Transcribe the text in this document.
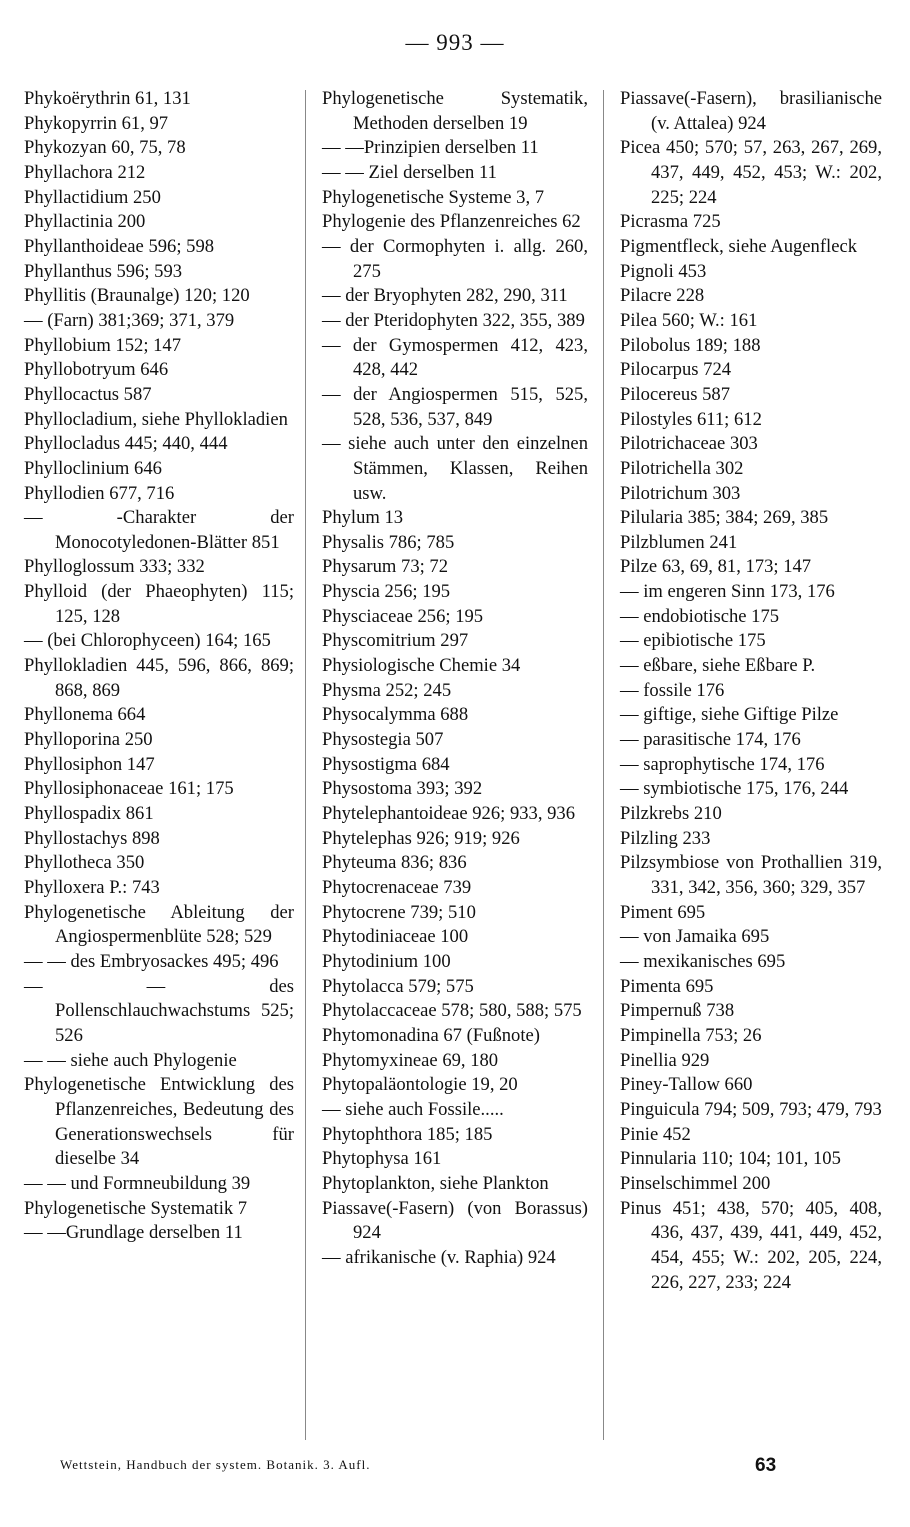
— 993 —
Phykoërythrin 61, 131
Phykopyrrin 61, 97
Phykozyan 60, 75, 78
Phyllachora 212
Phyllactidium 250
Phyllactinia 200
Phyllanthoideae 596; 598
Phyllanthus 596; 593
Phyllitis (Braunalge) 120; 120
— (Farn) 381;369; 371, 379
Phyllobium 152; 147
Phyllobotryum 646
Phyllocactus 587
Phyllocladium, siehe Phyllokladien
Phyllocladus 445; 440, 444
Phylloclinium 646
Phyllodien 677, 716
— -Charakter der Monocotyledonen-Blätter 851
Phylloglossum 333; 332
Phylloid (der Phaeophyten) 115; 125, 128
— (bei Chlorophyceen) 164; 165
Phyllokladien 445, 596, 866, 869; 868, 869
Phyllonema 664
Phylloporina 250
Phyllosiphon 147
Phyllosiphonaceae 161; 175
Phyllospadix 861
Phyllostachys 898
Phyllotheca 350
Phylloxera P.: 743
Phylogenetische Ableitung der Angiospermenblüte 528; 529
— — des Embryosackes 495; 496
— — des Pollenschlauchwachstums 525; 526
— — siehe auch Phylogenie
Phylogenetische Entwicklung des Pflanzenreiches, Bedeutung des Generationswechsels für dieselbe 34
— — und Formneubildung 39
Phylogenetische Systematik 7
— —Grundlage derselben 11
Phylogenetische Systematik, Methoden derselben 19
— —Prinzipien derselben 11
— — Ziel derselben 11
Phylogenetische Systeme 3, 7
Phylogenie des Pflanzenreiches 62
— der Cormophyten i. allg. 260, 275
— der Bryophyten 282, 290, 311
— der Pteridophyten 322, 355, 389
— der Gymospermen 412, 423, 428, 442
— der Angiospermen 515, 525, 528, 536, 537, 849
— siehe auch unter den einzelnen Stämmen, Klassen, Reihen usw.
Phylum 13
Physalis 786; 785
Physarum 73; 72
Physcia 256; 195
Physciaceae 256; 195
Physcomitrium 297
Physiologische Chemie 34
Physma 252; 245
Physocalymma 688
Physostegia 507
Physostigma 684
Physostoma 393; 392
Phytelephantoideae 926; 933, 936
Phytelephas 926; 919; 926
Phyteuma 836; 836
Phytocrenaceae 739
Phytocrene 739; 510
Phytodiniaceae 100
Phytodinium 100
Phytolacca 579; 575
Phytolaccaceae 578; 580, 588; 575
Phytomonadina 67 (Fußnote)
Phytomyxineae 69, 180
Phytopaläontologie 19, 20
— siehe auch Fossile.....
Phytophthora 185; 185
Phytophysa 161
Phytoplankton, siehe Plankton
Piassave(-Fasern) (von Borassus) 924
— afrikanische (v. Raphia) 924
Piassave(-Fasern), brasilianische (v. Attalea) 924
Picea 450; 570; 57, 263, 267, 269, 437, 449, 452, 453; W.: 202, 225; 224
Picrasma 725
Pigmentfleck, siehe Augenfleck
Pignoli 453
Pilacre 228
Pilea 560; W.: 161
Pilobolus 189; 188
Pilocarpus 724
Pilocereus 587
Pilostyles 611; 612
Pilotrichaceae 303
Pilotrichella 302
Pilotrichum 303
Pilularia 385; 384; 269, 385
Pilzblumen 241
Pilze 63, 69, 81, 173; 147
— im engeren Sinn 173, 176
— endobiotische 175
— epibiotische 175
— eßbare, siehe Eßbare P.
— fossile 176
— giftige, siehe Giftige Pilze
— parasitische 174, 176
— saprophytische 174, 176
— symbiotische 175, 176, 244
Pilzkrebs 210
Pilzling 233
Pilzsymbiose von Prothallien 319, 331, 342, 356, 360; 329, 357
Piment 695
— von Jamaika 695
— mexikanisches 695
Pimenta 695
Pimpernuß 738
Pimpinella 753; 26
Pinellia 929
Piney-Tallow 660
Pinguicula 794; 509, 793; 479, 793
Pinie 452
Pinnularia 110; 104; 101, 105
Pinselschimmel 200
Pinus 451; 438, 570; 405, 408, 436, 437, 439, 441, 449, 452, 454, 455; W.: 202, 205, 224, 226, 227, 233; 224
Wettstein, Handbuch der system. Botanik. 3. Aufl.	63
